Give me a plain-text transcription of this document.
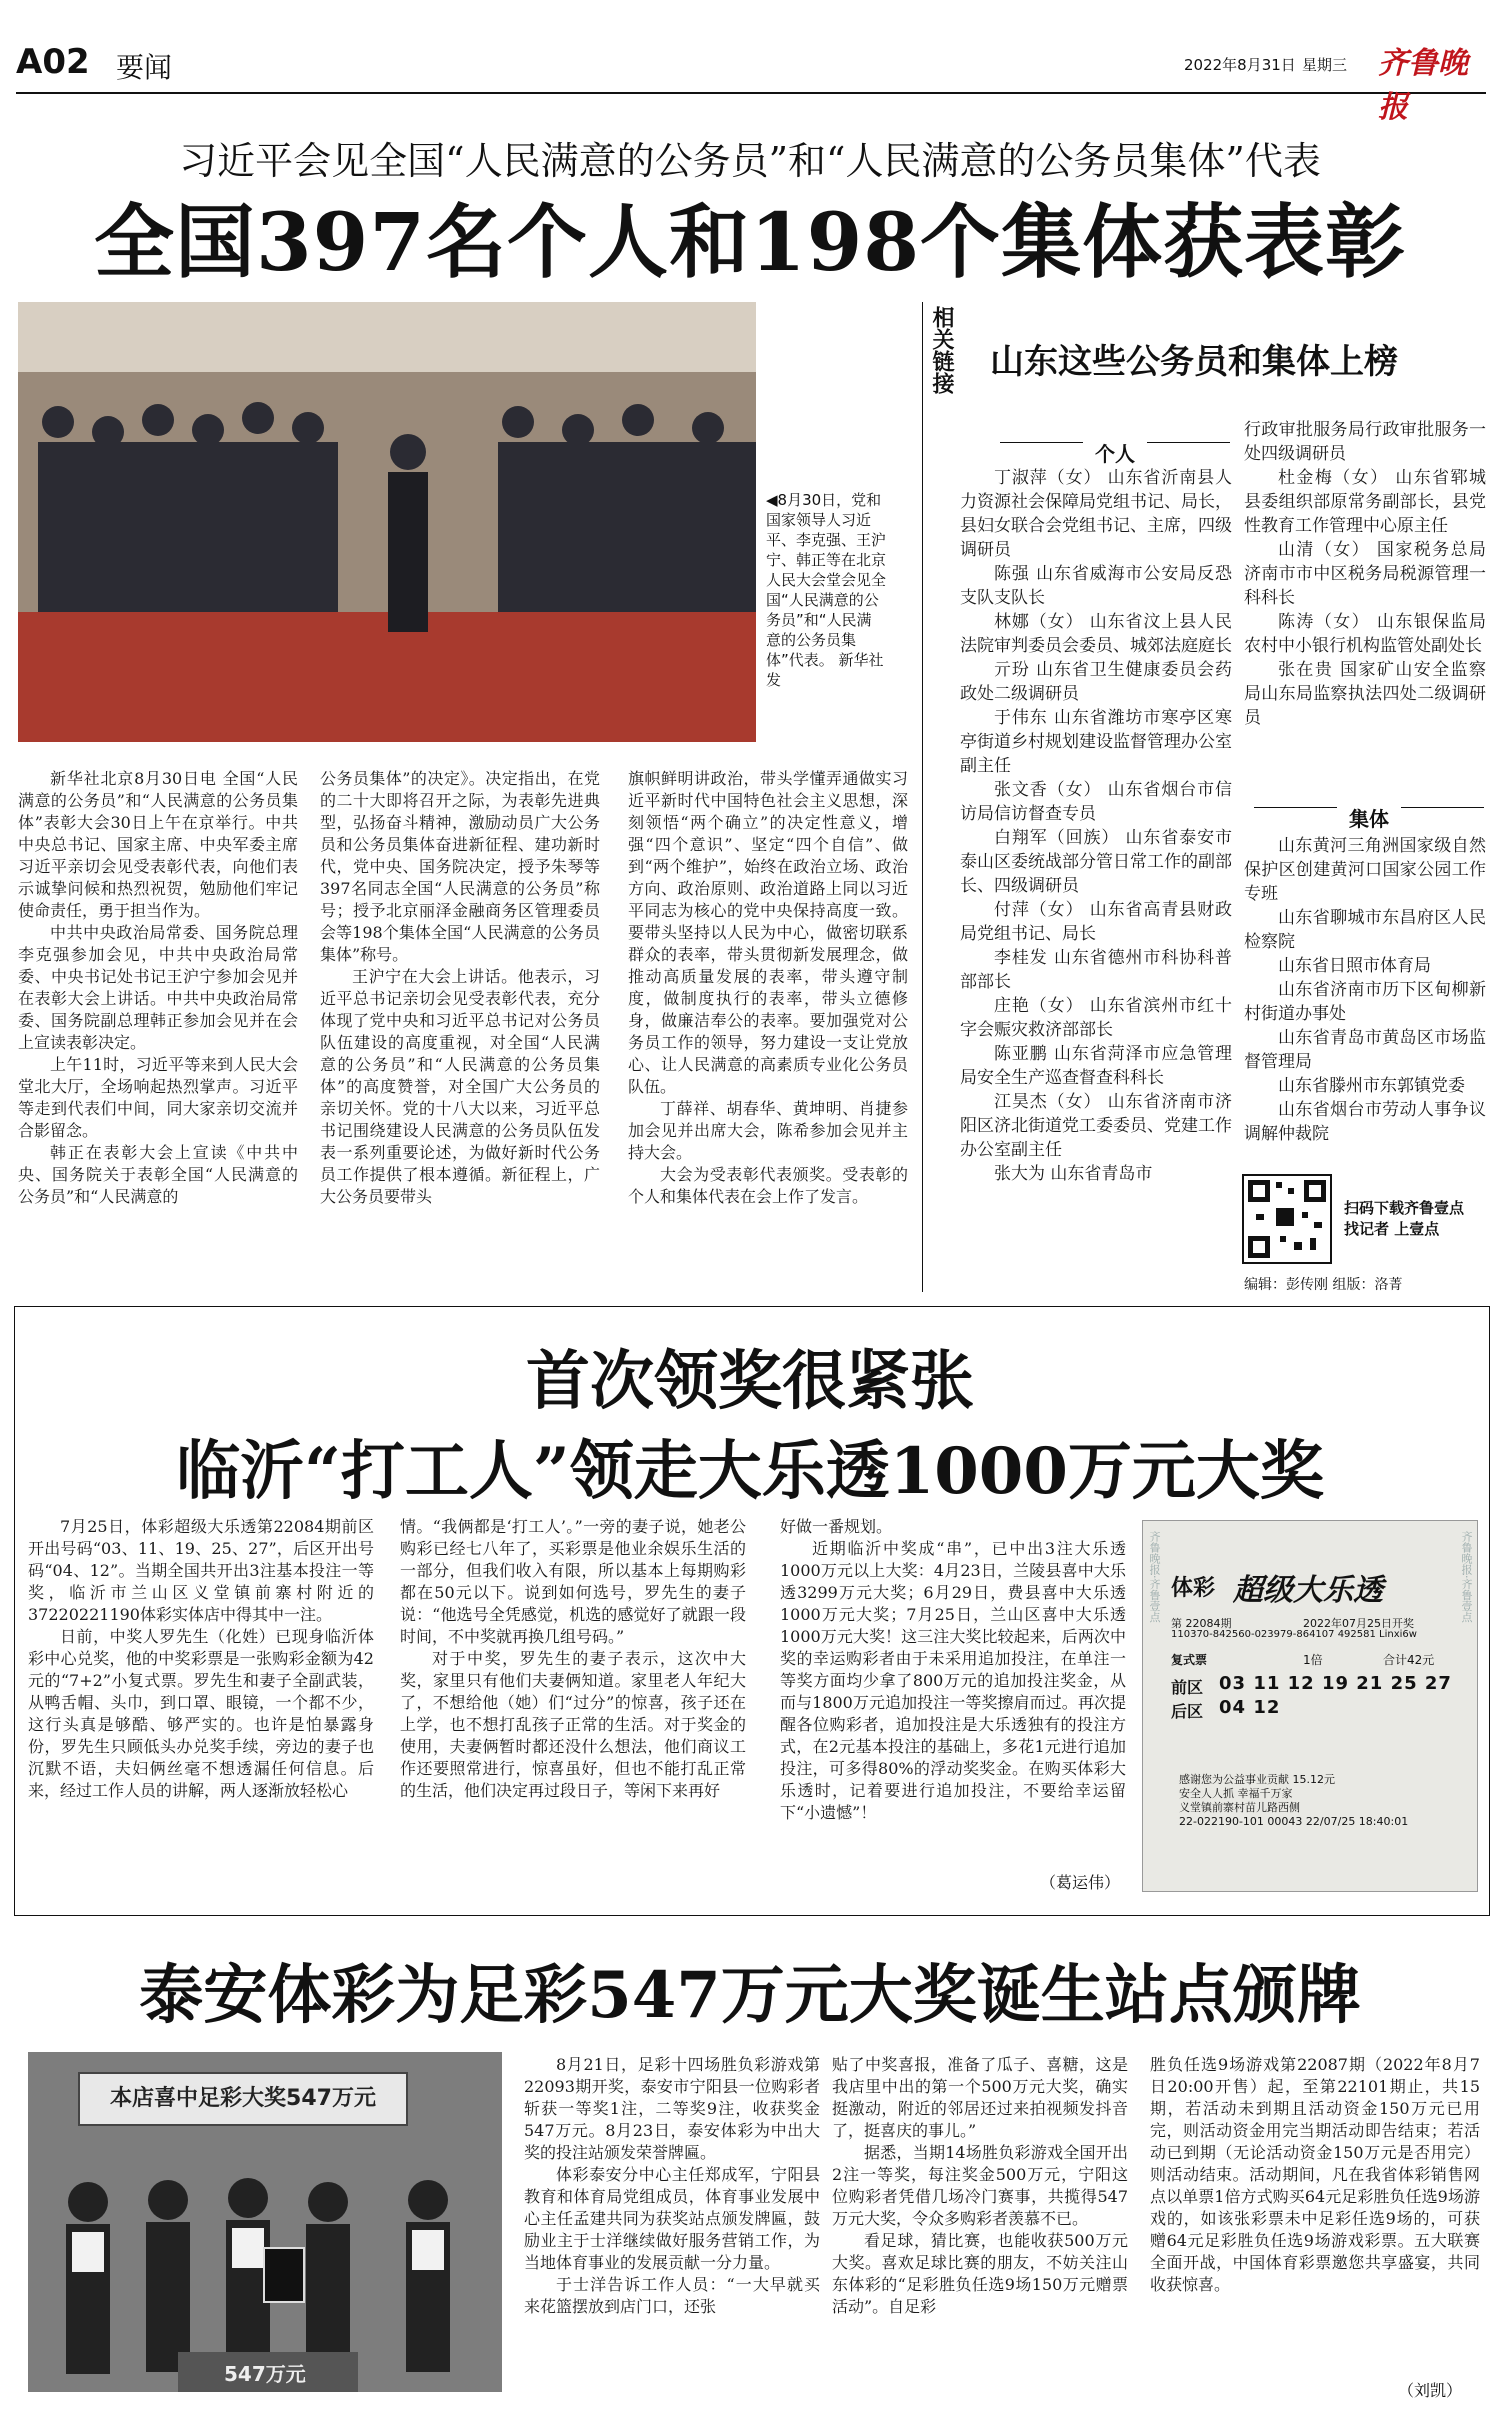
A02 要闻	2022年8月31日 星期三 齐鲁晚报
习近平会见全国“人民满意的公务员”和“人民满意的公务员集体”代表
全国397名个人和198个集体获表彰
◀8月30日，党和国家领导人习近平、李克强、王沪宁、韩正等在北京人民大会堂会见全国“人民满意的公务员”和“人民满意的公务员集体”代表。 新华社发

新华社北京8月30日电 全国“人民满意的公务员”和“人民满意的公务员集体”表彰大会30日上午在京举行。中共中央总书记、国家主席、中央军委主席习近平亲切会见受表彰代表，向他们表示诚挚问候和热烈祝贺，勉励他们牢记使命责任，勇于担当作为。

中共中央政治局常委、国务院总理李克强参加会见，中共中央政治局常委、中央书记处书记王沪宁参加会见并在表彰大会上讲话。中共中央政治局常委、国务院副总理韩正参加会见并在会上宣读表彰决定。

上午11时，习近平等来到人民大会堂北大厅，全场响起热烈掌声。习近平等走到代表们中间，同大家亲切交流并合影留念。

韩正在表彰大会上宣读《中共中央、国务院关于表彰全国“人民满意的公务员”和“人民满意的

公务员集体”的决定》。决定指出，在党的二十大即将召开之际，为表彰先进典型，弘扬奋斗精神，激励动员广大公务员和公务员集体奋进新征程、建功新时代，党中央、国务院决定，授予朱琴等397名同志全国“人民满意的公务员”称号；授予北京丽泽金融商务区管理委员会等198个集体全国“人民满意的公务员集体”称号。

王沪宁在大会上讲话。他表示，习近平总书记亲切会见受表彰代表，充分体现了党中央和习近平总书记对公务员队伍建设的高度重视，对全国“人民满意的公务员”和“人民满意的公务员集体”的高度赞誉，对全国广大公务员的亲切关怀。党的十八大以来，习近平总书记围绕建设人民满意的公务员队伍发表一系列重要论述，为做好新时代公务员工作提供了根本遵循。新征程上，广大公务员要带头

旗帜鲜明讲政治，带头学懂弄通做实习近平新时代中国特色社会主义思想，深刻领悟“两个确立”的决定性意义，增强“四个意识”、坚定“四个自信”、做到“两个维护”，始终在政治立场、政治方向、政治原则、政治道路上同以习近平同志为核心的党中央保持高度一致。要带头坚持以人民为中心，做密切联系群众的表率，带头贯彻新发展理念，做推动高质量发展的表率，带头遵守制度，做制度执行的表率，带头立德修身，做廉洁奉公的表率。要加强党对公务员工作的领导，努力建设一支让党放心、让人民满意的高素质专业化公务员队伍。

丁薛祥、胡春华、黄坤明、肖捷参加会见并出席大会，陈希参加会见并主持大会。

大会为受表彰代表颁奖。受表彰的个人和集体代表在会上作了发言。

相关链接 山东这些公务员和集体上榜
个人

丁淑萍（女） 山东省沂南县人力资源社会保障局党组书记、局长，县妇女联合会党组书记、主席，四级调研员

陈强 山东省威海市公安局反恐支队支队长

林娜（女） 山东省汶上县人民法院审判委员会委员、城郊法庭庭长

亓玢 山东省卫生健康委员会药政处二级调研员

于伟东 山东省潍坊市寒亭区寒亭街道乡村规划建设监督管理办公室副主任

张文香（女） 山东省烟台市信访局信访督查专员

白翔军（回族） 山东省泰安市泰山区委统战部分管日常工作的副部长、四级调研员

付萍（女） 山东省高青县财政局党组书记、局长

李桂发 山东省德州市科协科普部部长

庄艳（女） 山东省滨州市红十字会赈灾救济部部长

陈亚鹏 山东省菏泽市应急管理局安全生产巡查督查科科长

江昊杰（女） 山东省济南市济阳区济北街道党工委委员、党建工作办公室副主任

张大为 山东省青岛市

行政审批服务局行政审批服务一处四级调研员

杜金梅（女） 山东省郓城县委组织部原常务副部长，县党性教育工作管理中心原主任

山清（女） 国家税务总局济南市市中区税务局税源管理一科科长

陈涛（女） 山东银保监局农村中小银行机构监管处副处长

张在贵 国家矿山安全监察局山东局监察执法四处二级调研员

集体

山东黄河三角洲国家级自然保护区创建黄河口国家公园工作专班

山东省聊城市东昌府区人民检察院

山东省日照市体育局

山东省济南市历下区甸柳新村街道办事处

山东省青岛市黄岛区市场监督管理局

山东省滕州市东郭镇党委

山东省烟台市劳动人事争议调解仲裁院

扫码下载齐鲁壹点 找记者 上壹点
编辑：彭传刚 组版：洛菁
首次领奖很紧张
临沂“打工人”领走大乐透1000万元大奖

7月25日，体彩超级大乐透第22084期前区开出号码“03、11、19、25、27”，后区开出号码“04、12”。当期全国共开出3注基本投注一等奖，临沂市兰山区义堂镇前寨村附近的37220221190体彩实体店中得其中一注。

日前，中奖人罗先生（化姓）已现身临沂体彩中心兑奖，他的中奖彩票是一张购彩金额为42元的“7+2”小复式票。罗先生和妻子全副武装，从鸭舌帽、头巾，到口罩、眼镜，一个都不少，这行头真是够酷、够严实的。也许是怕暴露身份，罗先生只顾低头办兑奖手续，旁边的妻子也沉默不语，夫妇俩丝毫不想透漏任何信息。后来，经过工作人员的讲解，两人逐渐放轻松心

情。“我俩都是‘打工人’。”一旁的妻子说，她老公购彩已经七八年了，买彩票是他业余娱乐生活的一部分，但我们收入有限，所以基本上每期购彩都在50元以下。说到如何选号，罗先生的妻子说：“他选号全凭感觉，机选的感觉好了就跟一段时间，不中奖就再换几组号码。”

对于中奖，罗先生的妻子表示，这次中大奖，家里只有他们夫妻俩知道。家里老人年纪大了，不想给他（她）们“过分”的惊喜，孩子还在上学，也不想打乱孩子正常的生活。对于奖金的使用，夫妻俩暂时都还没什么想法，他们商议工作还要照常进行，惊喜虽好，但也不能打乱正常的生活，他们决定再过段日子，等闲下来再好

好做一番规划。

近期临沂中奖成“串”，已中出3注大乐透1000万元以上大奖：4月23日，兰陵县喜中大乐透3299万元大奖；6月29日，费县喜中大乐透1000万元大奖；7月25日，兰山区喜中大乐透1000万元大奖！这三注大奖比较起来，后两次中奖的幸运购彩者由于未采用追加投注，在单注一等奖方面均少拿了800万元的追加投注奖金，从而与1800万元追加投注一等奖擦肩而过。再次提醒各位购彩者，追加投注是大乐透独有的投注方式，在2元基本投注的基础上，多花1元进行追加投注，可多得80%的浮动奖奖金。在购买体彩大乐透时，记着要进行追加投注，不要给幸运留下“小遗憾”！

（葛运伟）
齐鲁晚报·齐鲁壹点	齐鲁晚报·齐鲁壹点
体彩 超级大乐透
第 22084期	2022年07月25日开奖
110370-842560-023979-864107 492581 Linxi6w
复式票	1倍	合计42元
前区 03 11 12 19 21 25 27
后区 04 12
感谢您为公益事业贡献 15.12元
安全人人抓 幸福千万家
义堂镇前寨村苗儿路西侧
22-022190-101 00043 22/07/25 18:40:01
泰安体彩为足彩547万元大奖诞生站点颁牌
本店喜中足彩大奖547万元
547万元

8月21日，足彩十四场胜负彩游戏第22093期开奖，泰安市宁阳县一位购彩者斩获一等奖1注，二等奖9注，收获奖金547万元。8月23日，泰安体彩为中出大奖的投注站颁发荣誉牌匾。

体彩泰安分中心主任郑成军，宁阳县教育和体育局党组成员，体育事业发展中心主任孟建共同为获奖站点颁发牌匾，鼓励业主于士洋继续做好服务营销工作，为当地体育事业的发展贡献一分力量。

于士洋告诉工作人员：“一大早就买来花篮摆放到店门口，还张

贴了中奖喜报，准备了瓜子、喜糖，这是我店里中出的第一个500万元大奖，确实挺激动，附近的邻居还过来拍视频发抖音了，挺喜庆的事儿。”

据悉，当期14场胜负彩游戏全国开出2注一等奖，每注奖金500万元，宁阳这位购彩者凭借几场冷门赛事，共揽得547万元大奖，令众多购彩者羡慕不已。

看足球，猜比赛，也能收获500万元大奖。喜欢足球比赛的朋友，不妨关注山东体彩的“足彩胜负任选9场150万元赠票活动”。自足彩

胜负任选9场游戏第22087期（2022年8月7日20:00开售）起，至第22101期止，共15期，若活动未到期且活动资金150万元已用完，则活动资金用完当期活动即告结束；若活动已到期（无论活动资金150万元是否用完）则活动结束。活动期间，凡在我省体彩销售网点以单票1倍方式购买64元足彩胜负任选9场游戏的，如该张彩票未中足彩任选9场的，可获赠64元足彩胜负任选9场游戏彩票。五大联赛全面开战，中国体育彩票邀您共享盛宴，共同收获惊喜。

（刘凯）
